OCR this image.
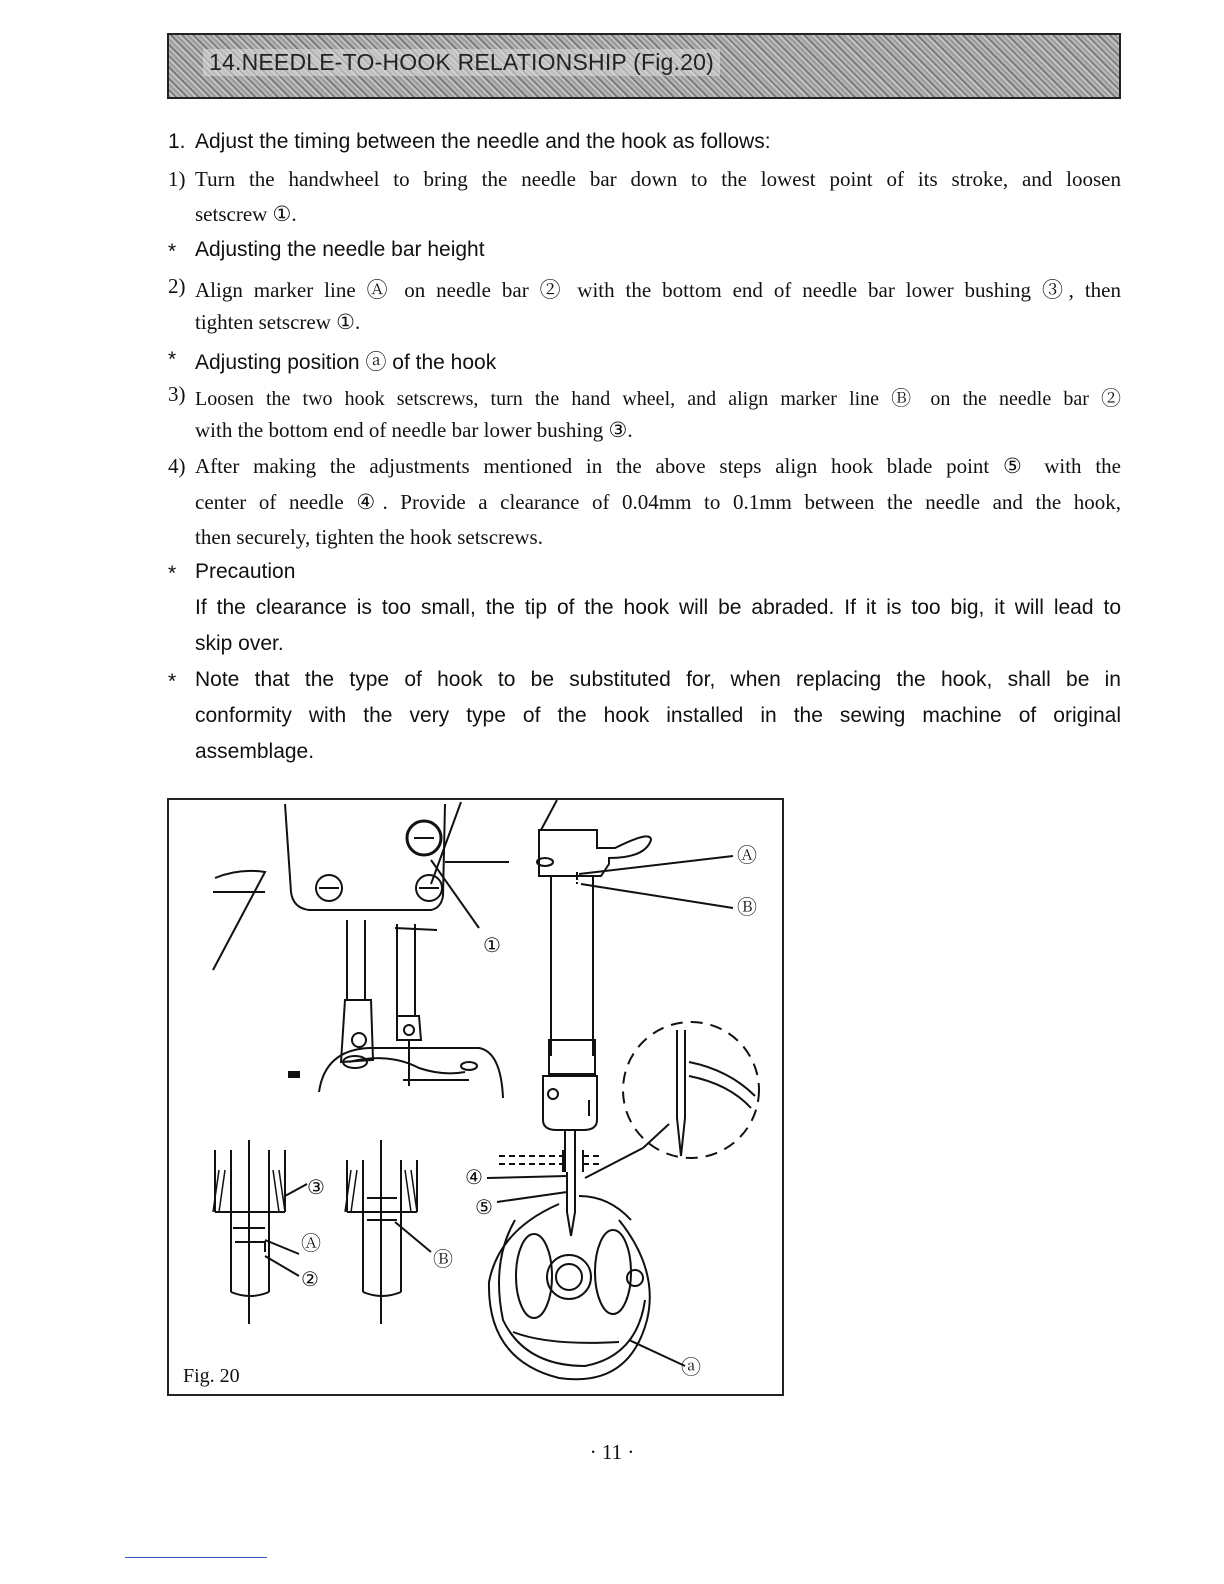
14.NEEDLE-TO-HOOK RELATIONSHIP (Fig.20)
1. Adjust the timing between the needle and the hook as follows:
1) Turn the handwheel to bring the needle bar down to the lowest point of its stroke, and loosen
setscrew ①.
* Adjusting the needle bar height
2) Align marker line Ⓐ on needle bar ② with the bottom end of needle bar lower bushing ③, then
tighten setscrew ①.
* Adjusting position ⓐ of the hook
3) Loosen the two hook setscrews, turn the hand wheel, and align marker line Ⓑ on the needle bar ②
with the bottom end of needle bar lower bushing ③.
4) After making the adjustments mentioned in the above steps align hook blade point ⑤ with the
center of needle ④. Provide a clearance of 0.04mm to 0.1mm between the needle and the hook,
then securely, tighten the hook setscrews.
* Precaution
If the clearance is too small, the tip of the hook will be abraded. If it is too big, it will lead to
skip over.
* Note that the type of hook to be substituted for, when replacing the hook, shall be in
conformity with the very type of the hook installed in the sewing machine of original
assemblage.
Ⓐ
Ⓑ
①
③
Ⓐ
②
Ⓑ
④
⑤
ⓐ
Fig. 20
· 11 ·
